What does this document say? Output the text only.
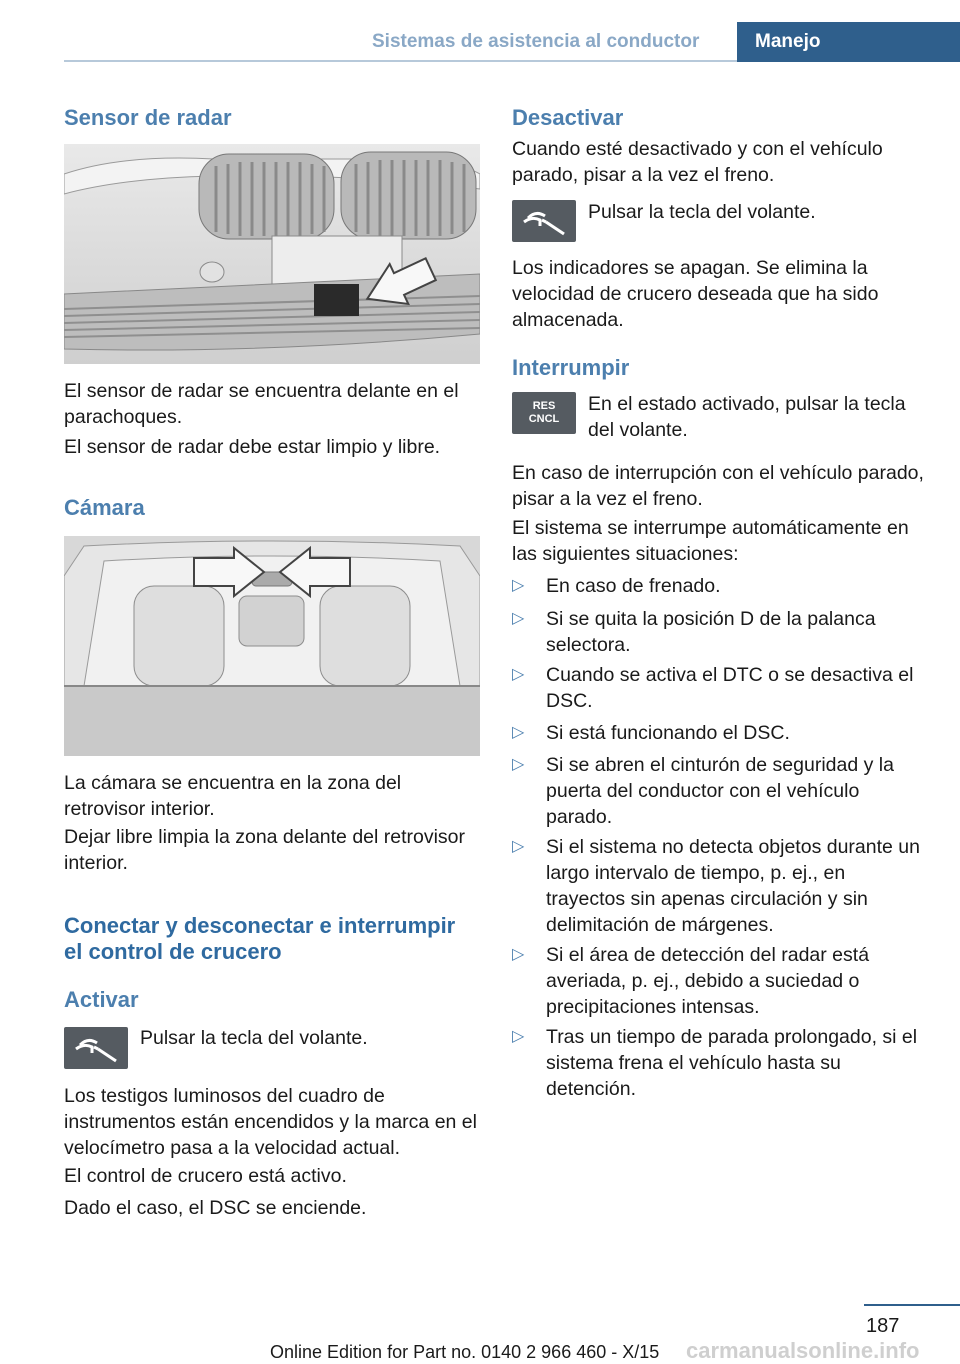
Sistemas de asistencia al conductor	Manejo
Sensor de radar

El sensor de radar se encuentra delante en el parachoques.

El sensor de radar debe estar limpio y libre.

Cámara

La cámara se encuentra en la zona del retrovisor interior.

Dejar libre limpia la zona delante del retrovisor interior.

Conectar y desconectar e interrumpir
el control de crucero
Activar

Pulsar la tecla del volante.

Los testigos luminosos del cuadro de instrumentos están encendidos y la marca en el velocímetro pasa a la velocidad actual.

El control de crucero está activo.

Dado el caso, el DSC se enciende.

Desactivar

Cuando esté desactivado y con el vehículo parado, pisar a la vez el freno.

Pulsar la tecla del volante.

Los indicadores se apagan. Se elimina la velocidad de crucero deseada que ha sido almacenada.

Interrumpir
RES
CNCL

En el estado activado, pulsar la tecla del volante.

En caso de interrupción con el vehículo parado, pisar a la vez el freno.

El sistema se interrumpe automáticamente en las siguientes situaciones:

▷ En caso de frenado.
▷ Si se quita la posición D de la palanca selectora.
▷ Cuando se activa el DTC o se desactiva el DSC.
▷ Si está funcionando el DSC.
▷ Si se abren el cinturón de seguridad y la puerta del conductor con el vehículo parado.
▷ Si el sistema no detecta objetos durante un largo intervalo de tiempo, p. ej., en trayectos sin apenas circulación y sin delimitación de márgenes.
▷ Si el área de detección del radar está averiada, p. ej., debido a suciedad o precipitaciones intensas.
▷ Tras un tiempo de parada prolongado, si el sistema frena el vehículo hasta su detención.
187
Online Edition for Part no. 0140 2 966 460 - X/15 carmanualsonline.info
